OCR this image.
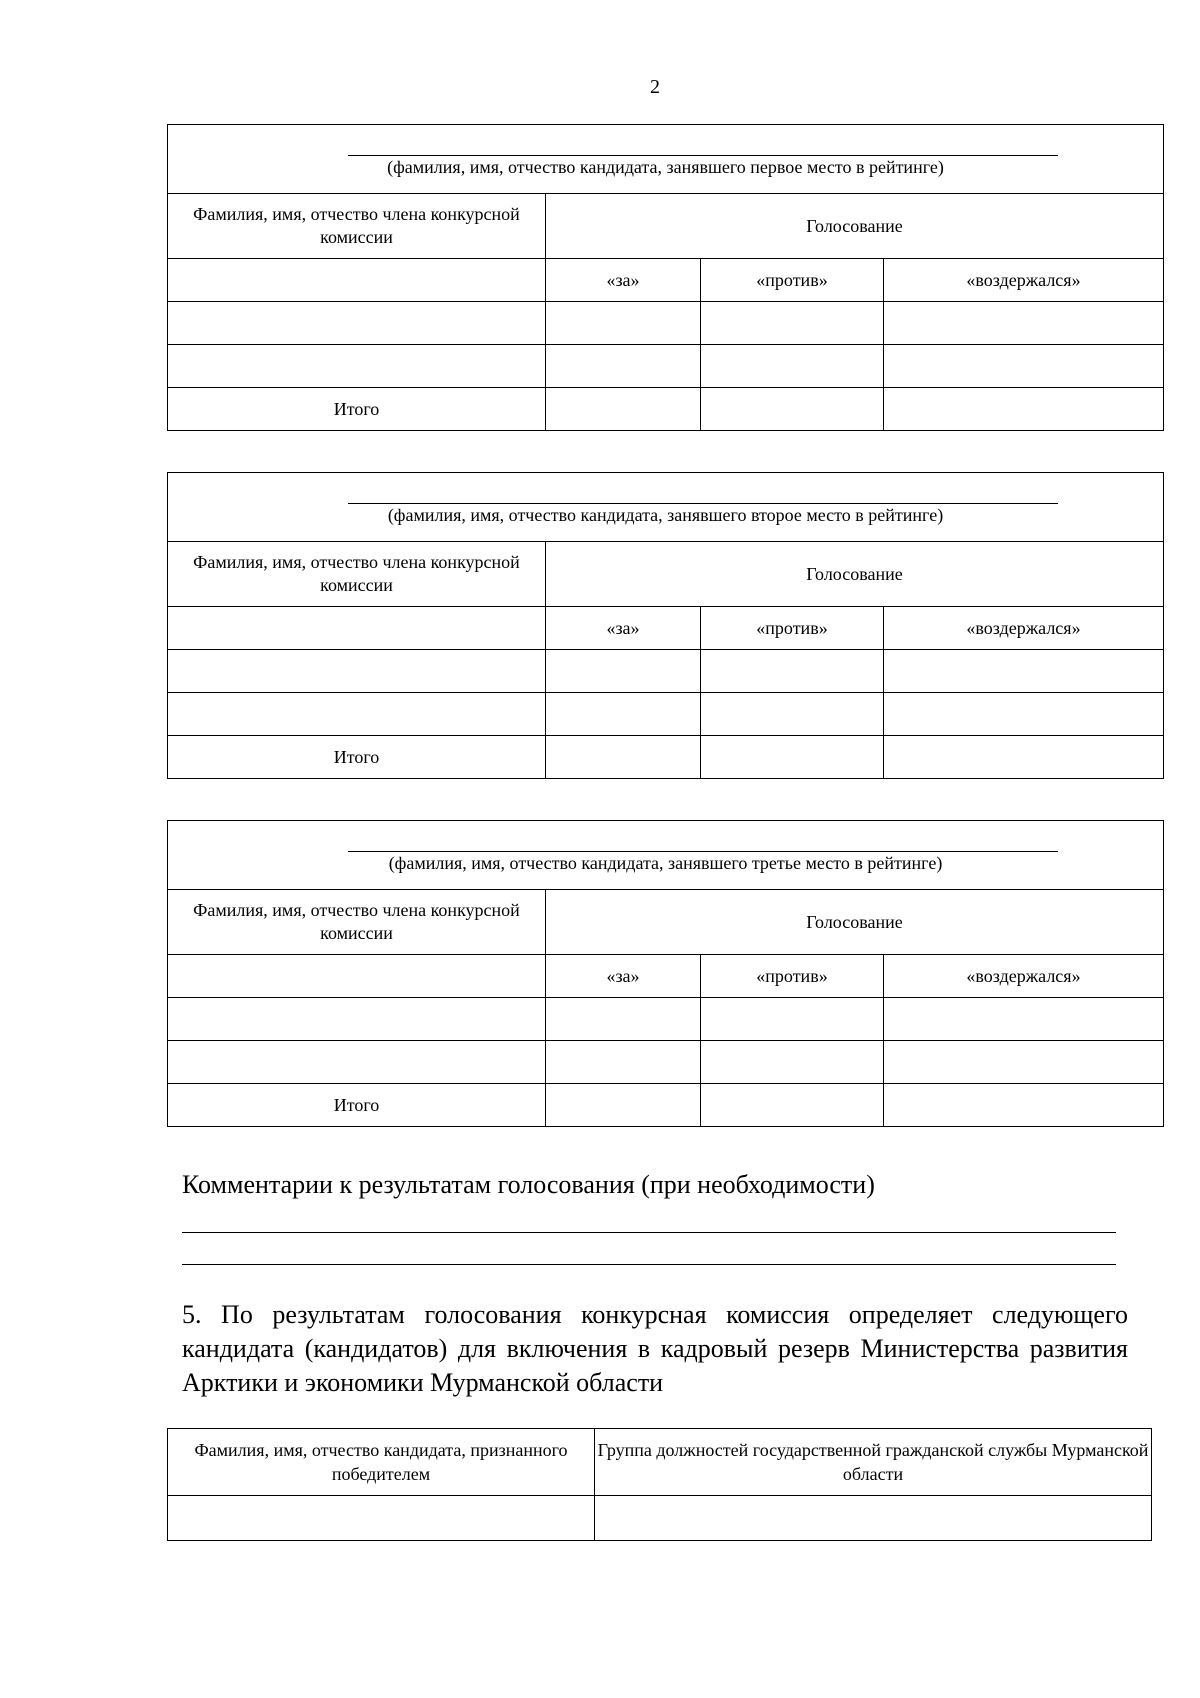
2
(фамилия, имя, отчество кандидата, занявшего первое место в рейтинге)			

Фамилия, имя, отчество члена конкурсной комиссии	Голосование		
	«за»	«против»	«воздержался»

Итого			
(фамилия, имя, отчество кандидата, занявшего второе место в рейтинге)			

Фамилия, имя, отчество члена конкурсной комиссии	Голосование		
	«за»	«против»	«воздержался»

Итого			
(фамилия, имя, отчество кандидата, занявшего третье место в рейтинге)			

Фамилия, имя, отчество члена конкурсной комиссии	Голосование		
	«за»	«против»	«воздержался»

Итого			
Комментарии к результатам голосования (при необходимости)
5. По результатам голосования конкурсная комиссия определяет следующего кандидата (кандидатов) для включения в кадровый резерв Министерства развития Арктики и экономики Мурманской области
Фамилия, имя, отчество кандидата, признанного победителем	Группа должностей государственной гражданской службы Мурманской области
